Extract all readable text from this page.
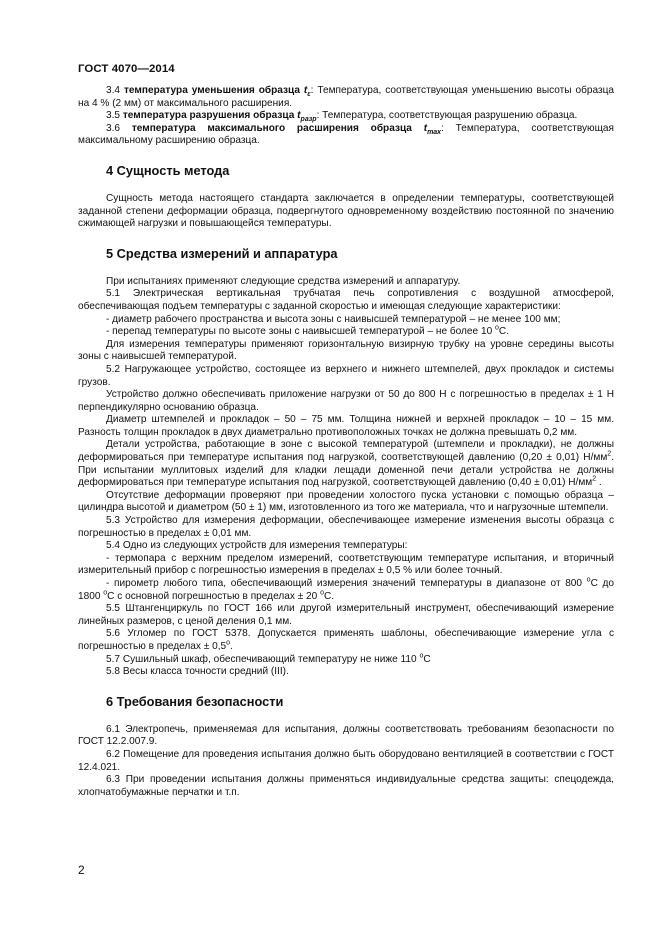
ГОСТ 4070—2014

3.4 температура уменьшения образца $t_\varepsilon$: Температура, соответствующая уменьшению высоты образца на 4 % (2 мм) от максимального расширения.

3.5 температура разрушения образца $t_{разр}$: Температура, соответствующая разрушению образца.

3.6 температура максимального расширения образца $t_{max}$: Температура, соответствующая максимальному расширению образца.

4 Сущность метода

Сущность метода настоящего стандарта заключается в определении температуры, соответствующей заданной степени деформации образца, подвергнутого одновременному воздействию постоянной по значению сжимающей нагрузки и повышающейся температуры.

5 Средства измерений и аппаратура

При испытаниях применяют следующие средства измерений и аппаратуру.

5.1 Электрическая вертикальная трубчатая печь сопротивления с воздушной атмосферой, обеспечивающая подъем температуры с заданной скоростью и имеющая следующие характеристики:

- диаметр рабочего пространства и высота зоны с наивысшей температурой – не менее 100 мм;

- перепад температуры по высоте зоны с наивысшей температурой – не более 10 $^o$С.

Для измерения температуры применяют горизонтальную визирную трубку на уровне середины высоты зоны с наивысшей температурой.

5.2 Нагружающее устройство, состоящее из верхнего и нижнего штемпелей, двух прокладок и системы грузов.

Устройство должно обеспечивать приложение нагрузки от 50 до 800 Н с погрешностью в пределах ± 1 Н перпендикулярно основанию образца.

Диаметр штемпелей и прокладок – 50 – 75 мм. Толщина нижней и верхней прокладок – 10 – 15 мм. Разность толщин прокладок в двух диаметрально противоположных точках не должна превышать 0,2 мм.

Детали устройства, работающие в зоне с высокой температурой (штемпели и прокладки), не должны деформироваться при температуре испытания под нагрузкой, соответствующей давлению (0,20 ± 0,01) $Н/мм^2$. При испытании муллитовых изделий для кладки лещади доменной печи детали устройства не должны деформироваться при температуре испытания под нагрузкой, соответствующей давлению (0,40 ± 0,01) $Н/мм^2$ .

Отсутствие деформации проверяют при проведении холостого пуска установки с помощью образца – цилиндра высотой и диаметром (50 ± 1) мм, изготовленного из того же материала, что и нагрузочные штемпели.

5.3 Устройство для измерения деформации, обеспечивающее измерение изменения высоты образца с погрешностью в пределах ± 0,01 мм.

5.4 Одно из следующих устройств для измерения температуры:

- термопара с верхним пределом измерений, соответствующим температуре испытания, и вторичный измерительный прибор с погрешностью измерения в пределах ± 0,5 % или более точный.

- пирометр любого типа, обеспечивающий измерения значений температуры в диапазоне от 800 $^o$С до 1800 $^o$С с основной погрешностью в пределах ± 20 $^o$С.

5.5 Штангенциркуль по ГОСТ 166 или другой измерительный инструмент, обеспечивающий измерение линейных размеров, с ценой деления 0,1 мм.

5.6 Угломер по ГОСТ 5378. Допускается применять шаблоны, обеспечивающие измерение угла с погрешностью в пределах ± $0,5^o$.

5.7 Сушильный шкаф, обеспечивающий температуру не ниже 110 $^o$С

5.8 Весы класса точности средний (III).

6 Требования безопасности

6.1 Электропечь, применяемая для испытания, должны соответствовать требованиям безопасности по ГОСТ 12.2.007.9.

6.2 Помещение для проведения испытания должно быть оборудовано вентиляцией в соответствии с ГОСТ 12.4.021.

6.3 При проведении испытания должны применяться индивидуальные средства защиты: спецодежда, хлопчатобумажные перчатки и т.п.

2
